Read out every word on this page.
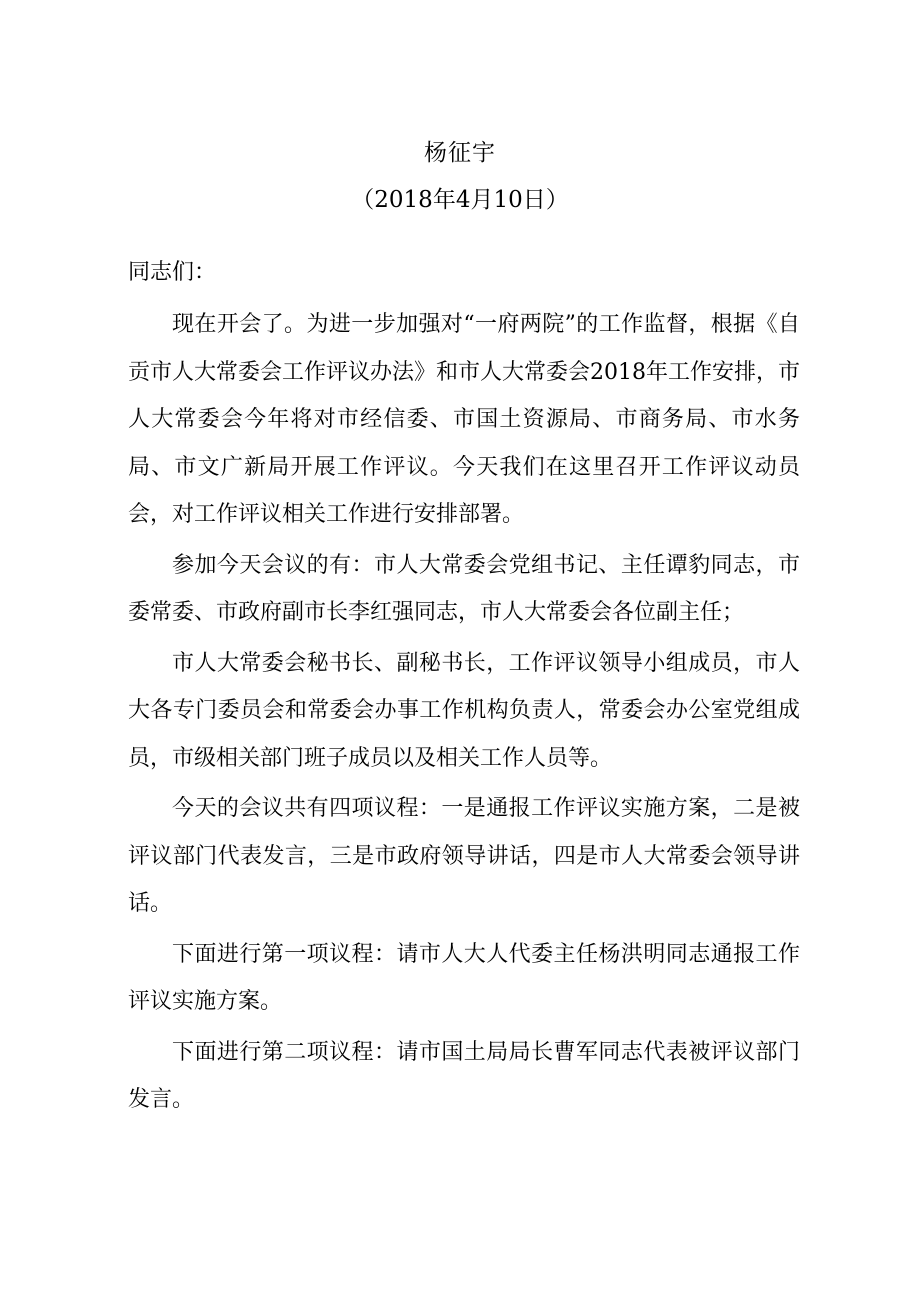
杨征宇
（2018年4月10日）
同志们：

现在开会了。为进一步加强对“一府两院”的工作监督，根据《自贡市人大常委会工作评议办法》和市人大常委会2018年工作安排，市人大常委会今年将对市经信委、市国土资源局、市商务局、市水务局、市文广新局开展工作评议。今天我们在这里召开工作评议动员会，对工作评议相关工作进行安排部署。

参加今天会议的有：市人大常委会党组书记、主任谭豹同志，市委常委、市政府副市长李红强同志，市人大常委会各位副主任；

市人大常委会秘书长、副秘书长，工作评议领导小组成员，市人大各专门委员会和常委会办事工作机构负责人，常委会办公室党组成员，市级相关部门班子成员以及相关工作人员等。

今天的会议共有四项议程：一是通报工作评议实施方案，二是被评议部门代表发言，三是市政府领导讲话，四是市人大常委会领导讲话。

下面进行第一项议程：请市人大人代委主任杨洪明同志通报工作评议实施方案。

下面进行第二项议程：请市国土局局长曹军同志代表被评议部门发言。
